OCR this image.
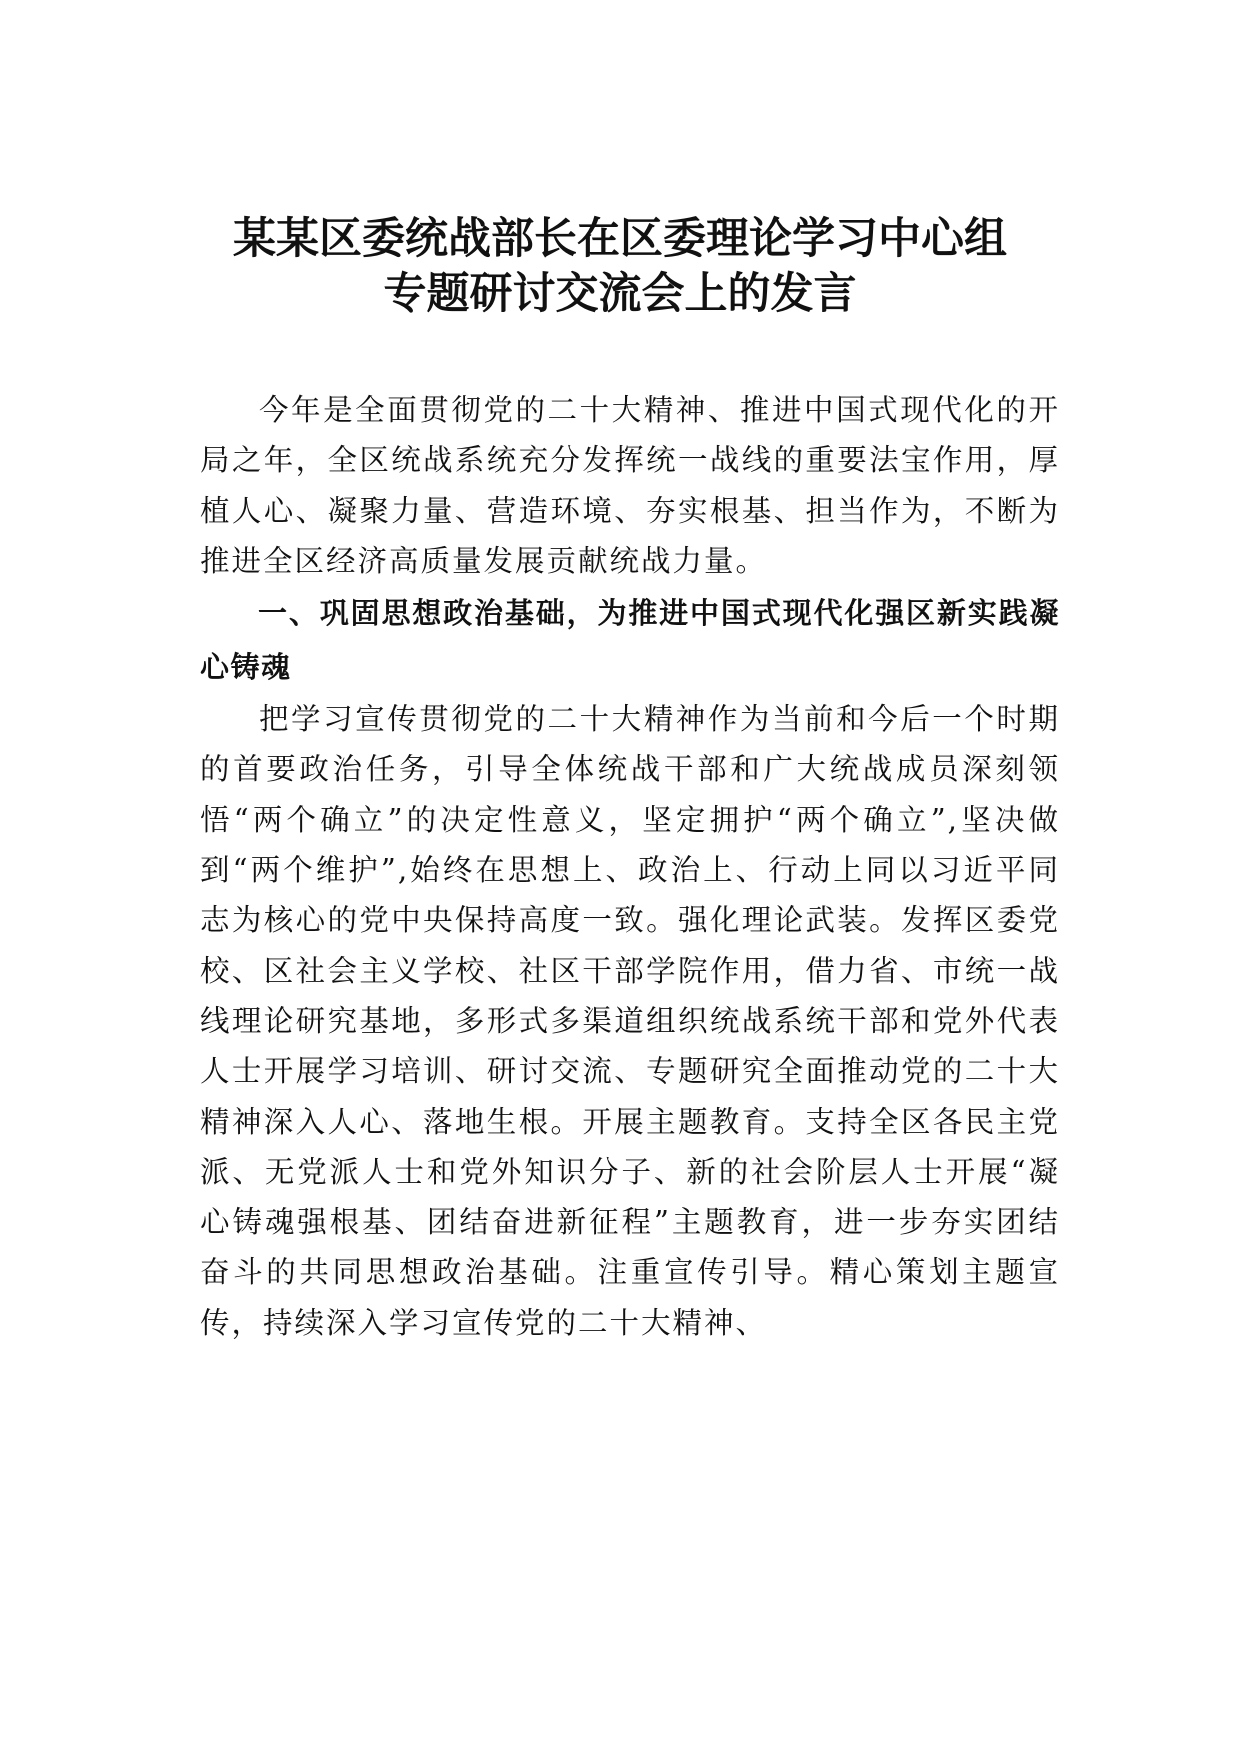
某某区委统战部长在区委理论学习中心组
专题研讨交流会上的发言

今年是全面贯彻党的二十大精神、推进中国式现代化的开局之年，全区统战系统充分发挥统一战线的重要法宝作用，厚植人心、凝聚力量、营造环境、夯实根基、担当作为，不断为推进全区经济高质量发展贡献统战力量。

一、巩固思想政治基础，为推进中国式现代化强区新实践凝心铸魂

把学习宣传贯彻党的二十大精神作为当前和今后一个时期的首要政治任务，引导全体统战干部和广大统战成员深刻领悟“两个确立”的决定性意义，坚定拥护“两个确立”,坚决做到“两个维护”,始终在思想上、政治上、行动上同以习近平同志为核心的党中央保持高度一致。强化理论武装。发挥区委党校、区社会主义学校、社区干部学院作用，借力省、市统一战线理论研究基地，多形式多渠道组织统战系统干部和党外代表人士开展学习培训、研讨交流、专题研究全面推动党的二十大精神深入人心、落地生根。开展主题教育。支持全区各民主党派、无党派人士和党外知识分子、新的社会阶层人士开展“凝心铸魂强根基、团结奋进新征程”主题教育，进一步夯实团结奋斗的共同思想政治基础。注重宣传引导。精心策划主题宣传，持续深入学习宣传党的二十大精神、
